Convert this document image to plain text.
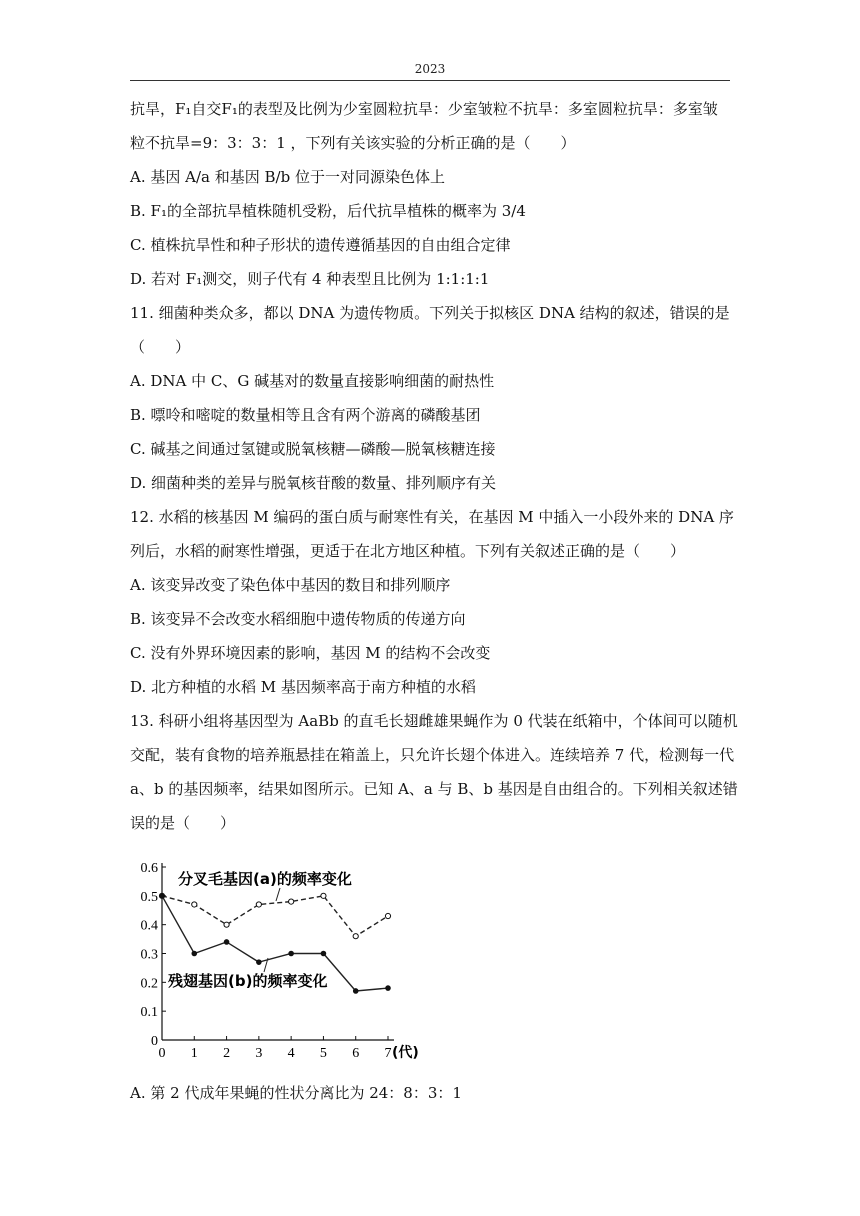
2023

抗旱，F₁自交F₁的表型及比例为少室圆粒抗旱：少室皱粒不抗旱：多室圆粒抗旱：多室皱

粒不抗旱=9：3：3：1 ，下列有关该实验的分析正确的是（　　）

A. 基因 A/a 和基因 B/b 位于一对同源染色体上

B. F₁的全部抗旱植株随机受粉，后代抗旱植株的概率为 3/4

C. 植株抗旱性和种子形状的遗传遵循基因的自由组合定律

D. 若对 F₁测交，则子代有 4 种表型且比例为 1:1:1:1

11. 细菌种类众多，都以 DNA 为遗传物质。下列关于拟核区 DNA 结构的叙述，错误的是

（　　）

A. DNA 中 C、G 碱基对的数量直接影响细菌的耐热性

B. 嘌呤和嘧啶的数量相等且含有两个游离的磷酸基团

C. 碱基之间通过氢键或脱氧核糖—磷酸—脱氧核糖连接

D. 细菌种类的差异与脱氧核苷酸的数量、排列顺序有关

12. 水稻的核基因 M 编码的蛋白质与耐寒性有关，在基因 M 中插入一小段外来的 DNA 序

列后，水稻的耐寒性增强，更适于在北方地区种植。下列有关叙述正确的是（　　）

A. 该变异改变了染色体中基因的数目和排列顺序

B. 该变异不会改变水稻细胞中遗传物质的传递方向

C. 没有外界环境因素的影响，基因 M 的结构不会改变

D. 北方种植的水稻 M 基因频率高于南方种植的水稻

13. 科研小组将基因型为 AaBb 的直毛长翅雌雄果蝇作为 0 代装在纸箱中，个体间可以随机

交配，装有食物的培养瓶悬挂在箱盖上，只允许长翅个体进入。连续培养 7 代，检测每一代

a、b 的基因频率，结果如图所示。已知 A、a 与 B、b 基因是自由组合的。下列相关叙述错

误的是（　　）

0
0.1
0.2
0.3
0.4
0.5
0.6
0 1 2 3 4 5 6 7 (代)
分叉毛基因(a)的频率变化
残翅基因(b)的频率变化

A. 第 2 代成年果蝇的性状分离比为 24：8：3：1
